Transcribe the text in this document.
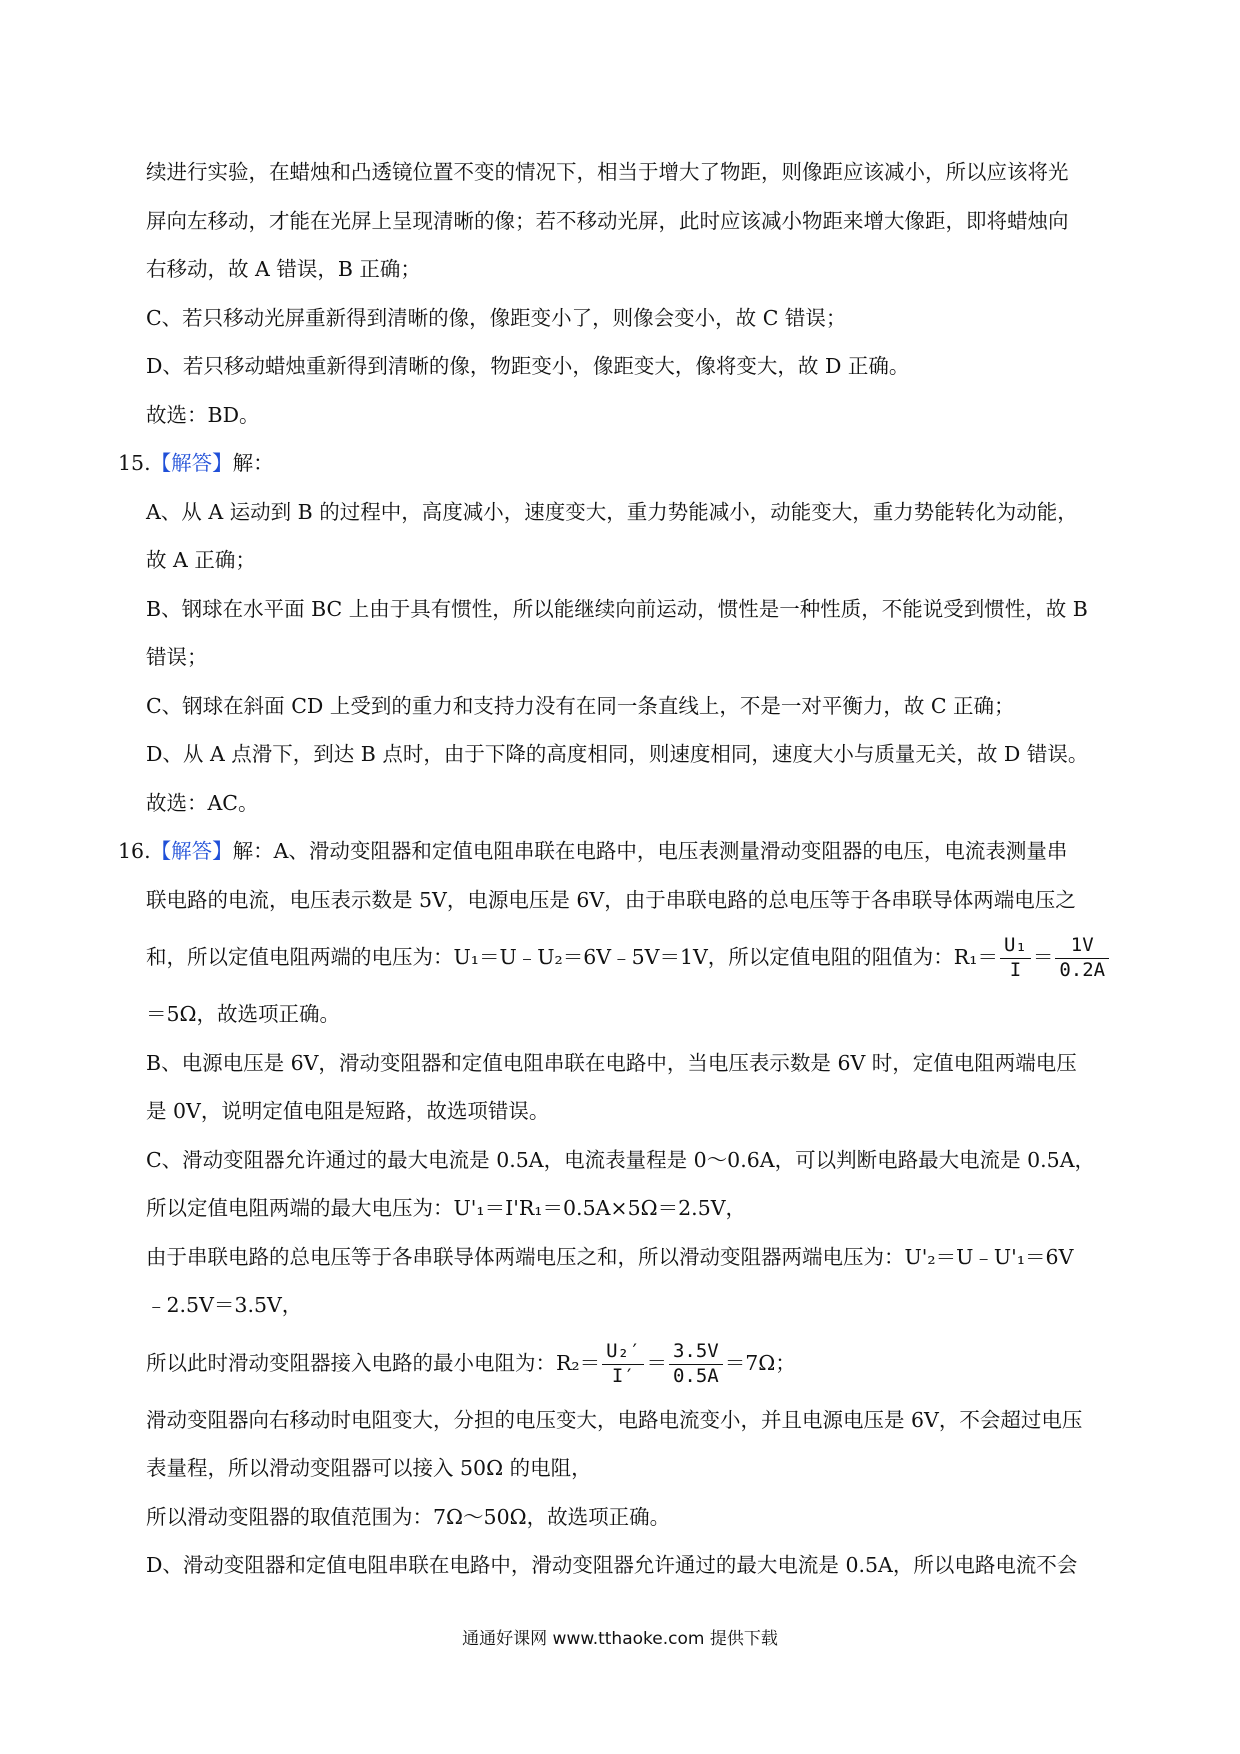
续进行实验，在蜡烛和凸透镜位置不变的情况下，相当于增大了物距，则像距应该减小，所以应该将光
屏向左移动，才能在光屏上呈现清晰的像；若不移动光屏，此时应该减小物距来增大像距，即将蜡烛向
右移动，故 A 错误，B 正确；
C、若只移动光屏重新得到清晰的像，像距变小了，则像会变小，故 C 错误；
D、若只移动蜡烛重新得到清晰的像，物距变小，像距变大，像将变大，故 D 正确。
故选：BD。
15.【解答】解：
A、从 A 运动到 B 的过程中，高度减小，速度变大，重力势能减小，动能变大，重力势能转化为动能，
故 A 正确；
B、钢球在水平面 BC 上由于具有惯性，所以能继续向前运动，惯性是一种性质，不能说受到惯性，故 B
错误；
C、钢球在斜面 CD 上受到的重力和支持力没有在同一条直线上，不是一对平衡力，故 C 正确；
D、从 A 点滑下，到达 B 点时，由于下降的高度相同，则速度相同，速度大小与质量无关，故 D 错误。
故选：AC。
16.【解答】解：A、滑动变阻器和定值电阻串联在电路中，电压表测量滑动变阻器的电压，电流表测量串
联电路的电流，电压表示数是 5V，电源电压是 6V，由于串联电路的总电压等于各串联导体两端电压之
和，所以定值电阻两端的电压为：U₁＝U﹣U₂＝6V﹣5V＝1V，所以定值电阻的阻值为：$R_1= \frac{\text{U₁}}{I} = \frac{1V}{0.2A}$
＝5Ω，故选项正确。
B、电源电压是 6V，滑动变阻器和定值电阻串联在电路中，当电压表示数是 6V 时，定值电阻两端电压
是 0V，说明定值电阻是短路，故选项错误。
C、滑动变阻器允许通过的最大电流是 0.5A，电流表量程是 0～0.6A，可以判断电路最大电流是 0.5A，
所以定值电阻两端的最大电压为：U'₁＝I'R₁＝0.5A×5Ω＝2.5V，
由于串联电路的总电压等于各串联导体两端电压之和，所以滑动变阻器两端电压为：U'₂＝U﹣U'₁＝6V
﹣2.5V＝3.5V，
所以此时滑动变阻器接入电路的最小电阻为：$R_2= \frac{\text{U₂′}}{I'} = \frac{3.5V}{0.5A} =7\Omega$；
滑动变阻器向右移动时电阻变大，分担的电压变大，电路电流变小，并且电源电压是 6V，不会超过电压
表量程，所以滑动变阻器可以接入 50Ω 的电阻，
所以滑动变阻器的取值范围为：7Ω～50Ω，故选项正确。
D、滑动变阻器和定值电阻串联在电路中，滑动变阻器允许通过的最大电流是 0.5A，所以电路电流不会
通通好课网 www.tthaoke.com 提供下载
